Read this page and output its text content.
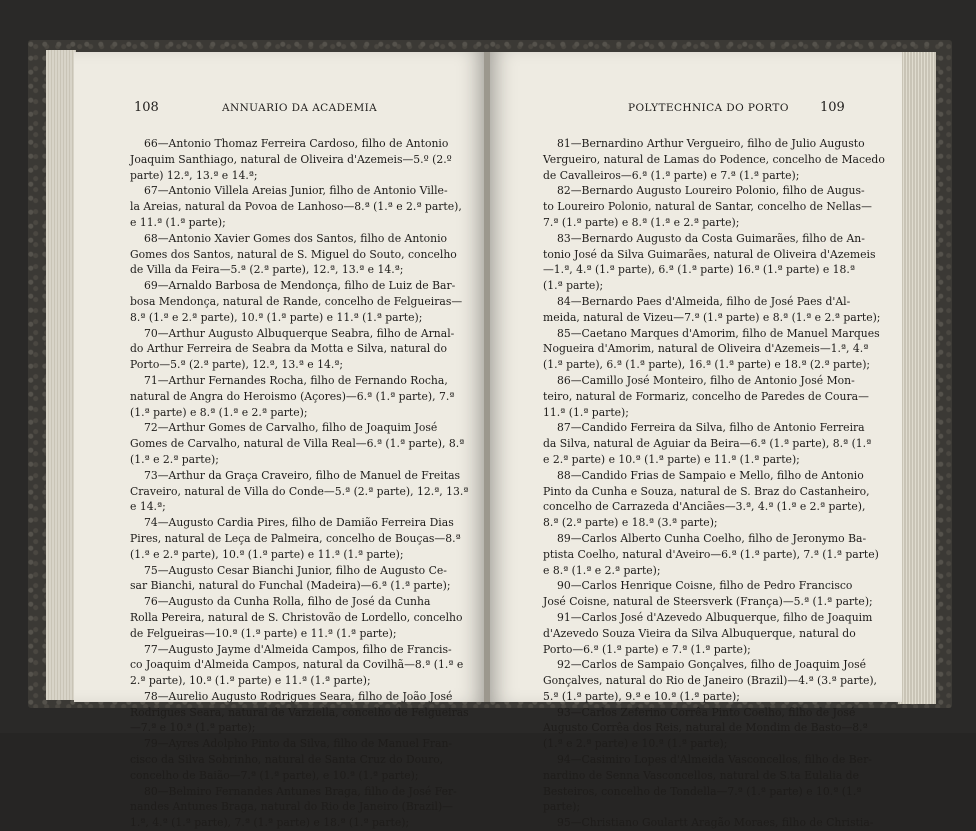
108	ANNUARIO DA ACADEMIA
66—Antonio Thomaz Ferreira Cardoso, filho de Antonio
Joaquim Santhiago, natural de Oliveira d'Azemeis—5.º (2.º
parte) 12.ª, 13.ª e 14.ª;
67—Antonio Villela Areias Junior, filho de Antonio Ville-
la Areias, natural da Povoa de Lanhoso—8.ª (1.ª e 2.ª parte),
e 11.ª (1.ª parte);
68—Antonio Xavier Gomes dos Santos, filho de Antonio
Gomes dos Santos, natural de S. Miguel do Souto, concelho
de Villa da Feira—5.ª (2.ª parte), 12.ª, 13.ª e 14.ª;
69—Arnaldo Barbosa de Mendonça, filho de Luiz de Bar-
bosa Mendonça, natural de Rande, concelho de Felgueiras—
8.ª (1.ª e 2.ª parte), 10.ª (1.ª parte) e 11.ª (1.ª parte);
70—Arthur Augusto Albuquerque Seabra, filho de Arnal-
do Arthur Ferreira de Seabra da Motta e Silva, natural do
Porto—5.ª (2.ª parte), 12.ª, 13.ª e 14.ª;
71—Arthur Fernandes Rocha, filho de Fernando Rocha,
natural de Angra do Heroismo (Açores)—6.ª (1.ª parte), 7.ª
(1.ª parte) e 8.ª (1.ª e 2.ª parte);
72—Arthur Gomes de Carvalho, filho de Joaquim José
Gomes de Carvalho, natural de Villa Real—6.ª (1.ª parte), 8.ª
(1.ª e 2.ª parte);
73—Arthur da Graça Craveiro, filho de Manuel de Freitas
Craveiro, natural de Villa do Conde—5.ª (2.ª parte), 12.ª, 13.ª
e 14.ª;
74—Augusto Cardia Pires, filho de Damião Ferreira Dias
Pires, natural de Leça de Palmeira, concelho de Bouças—8.ª
(1.ª e 2.ª parte), 10.ª (1.ª parte) e 11.ª (1.ª parte);
75—Augusto Cesar Bianchi Junior, filho de Augusto Ce-
sar Bianchi, natural do Funchal (Madeira)—6.ª (1.ª parte);
76—Augusto da Cunha Rolla, filho de José da Cunha
Rolla Pereira, natural de S. Christovão de Lordello, concelho
de Felgueiras—10.ª (1.ª parte) e 11.ª (1.ª parte);
77—Augusto Jayme d'Almeida Campos, filho de Francis-
co Joaquim d'Almeida Campos, natural da Covilhã—8.ª (1.ª e
2.ª parte), 10.ª (1.ª parte) e 11.ª (1.ª parte);
78—Aurelio Augusto Rodrigues Seara, filho de João José
Rodrigues Seara, natural de Varziella, concelho de Felgueiras
—7.ª e 10.ª (1.ª parte);
79—Ayres Adolpho Pinto da Silva, filho de Manuel Fran-
cisco da Silva Sobrinho, natural de Santa Cruz do Douro,
concelho de Baião—7.ª (1.ª parte), e 10.ª (1.ª parte);
80—Belmiro Fernandes Antunes Braga, filho de José Fer-
nandes Antunes Braga, natural do Rio de Janeiro (Brazil)—
1.ª, 4.ª (1.ª parte), 7.ª (1.ª parte) e 18.ª (1.ª parte);
POLYTECHNICA DO PORTO 109
81—Bernardino Arthur Vergueiro, filho de Julio Augusto
Vergueiro, natural de Lamas do Podence, concelho de Macedo
de Cavalleiros—6.ª (1.ª parte) e 7.ª (1.ª parte);
82—Bernardo Augusto Loureiro Polonio, filho de Augus-
to Loureiro Polonio, natural de Santar, concelho de Nellas—
7.ª (1.ª parte) e 8.ª (1.ª e 2.ª parte);
83—Bernardo Augusto da Costa Guimarães, filho de An-
tonio José da Silva Guimarães, natural de Oliveira d'Azemeis
—1.ª, 4.ª (1.ª parte), 6.ª (1.ª parte) 16.ª (1.ª parte) e 18.ª
(1.ª parte);
84—Bernardo Paes d'Almeida, filho de José Paes d'Al-
meida, natural de Vizeu—7.ª (1.ª parte) e 8.ª (1.ª e 2.ª parte);
85—Caetano Marques d'Amorim, filho de Manuel Marques
Nogueira d'Amorim, natural de Oliveira d'Azemeis—1.ª, 4.ª
(1.ª parte), 6.ª (1.ª parte), 16.ª (1.ª parte) e 18.ª (2.ª parte);
86—Camillo José Monteiro, filho de Antonio José Mon-
teiro, natural de Formariz, concelho de Paredes de Coura—
11.ª (1.ª parte);
87—Candido Ferreira da Silva, filho de Antonio Ferreira
da Silva, natural de Aguiar da Beira—6.ª (1.ª parte), 8.ª (1.ª
e 2.ª parte) e 10.ª (1.ª parte) e 11.ª (1.ª parte);
88—Candido Frias de Sampaio e Mello, filho de Antonio
Pinto da Cunha e Souza, natural de S. Braz do Castanheiro,
concelho de Carrazeda d'Anciães—3.ª, 4.ª (1.ª e 2.ª parte),
8.ª (2.ª parte) e 18.ª (3.ª parte);
89—Carlos Alberto Cunha Coelho, filho de Jeronymo Ba-
ptista Coelho, natural d'Aveiro—6.ª (1.ª parte), 7.ª (1.ª parte)
e 8.ª (1.ª e 2.ª parte);
90—Carlos Henrique Coisne, filho de Pedro Francisco
José Coisne, natural de Steersverk (França)—5.ª (1.ª parte);
91—Carlos José d'Azevedo Albuquerque, filho de Joaquim
d'Azevedo Souza Vieira da Silva Albuquerque, natural do
Porto—6.ª (1.ª parte) e 7.ª (1.ª parte);
92—Carlos de Sampaio Gonçalves, filho de Joaquim José
Gonçalves, natural do Rio de Janeiro (Brazil)—4.ª (3.ª parte),
5.ª (1.ª parte), 9.ª e 10.ª (1.ª parte);
93—Carlos Zeferino Corrêa Pinto Coelho, filho de José
Augusto Corrêa dos Reis, natural de Mondim de Basto—8.ª
(1.ª e 2.ª parte) e 10.ª (1.ª parte);
94—Casimiro Lopes d'Almeida Vasconcellos, filho de Ber-
nardino de Senna Vasconcellos, natural de S.ta Eulalia de
Besteiros, concelho de Tondella—7.ª (1.ª parte) e 10.ª (1.ª
parte);
95—Christiano Goulartt Aragão Moraes, filho de Christia-
